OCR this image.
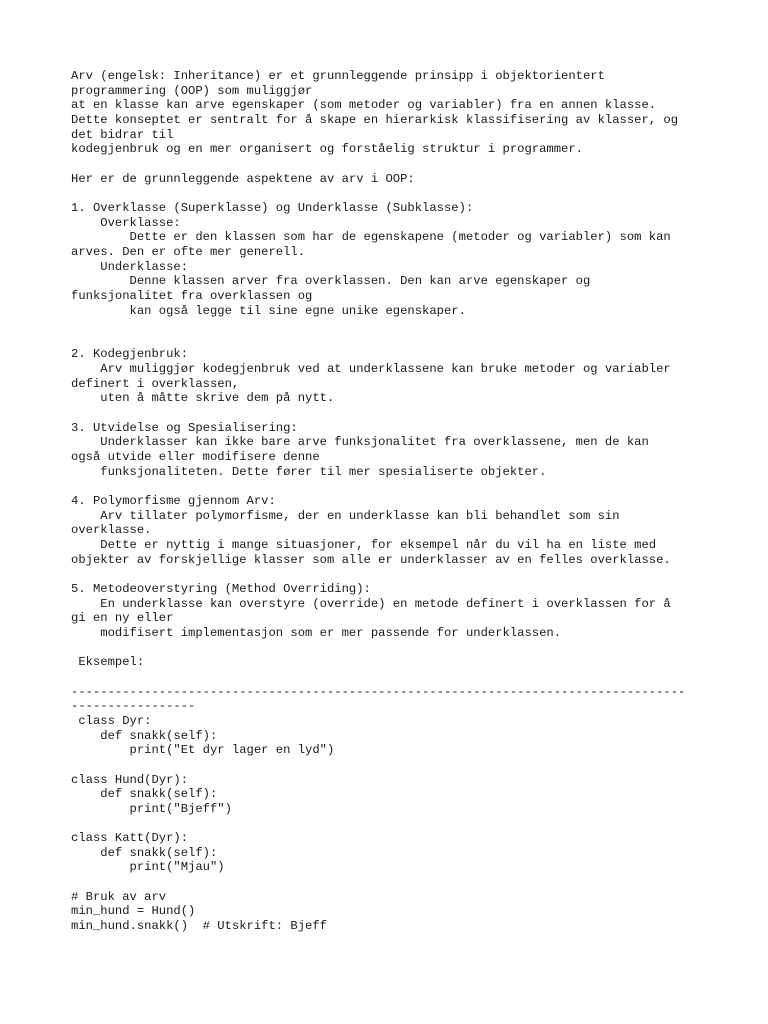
Arv (engelsk: Inheritance) er et grunnleggende prinsipp i objektorientert
programmering (OOP) som muliggjør
at en klasse kan arve egenskaper (som metoder og variabler) fra en annen klasse.
Dette konseptet er sentralt for å skape en hierarkisk klassifisering av klasser, og
det bidrar til
kodegjenbruk og en mer organisert og forståelig struktur i programmer.

Her er de grunnleggende aspektene av arv i OOP:

1. Overklasse (Superklasse) og Underklasse (Subklasse):
Overklasse:
Dette er den klassen som har de egenskapene (metoder og variabler) som kan
arves. Den er ofte mer generell.
Underklasse:
Denne klassen arver fra overklassen. Den kan arve egenskaper og
funksjonalitet fra overklassen og
kan også legge til sine egne unike egenskaper.

2. Kodegjenbruk:
Arv muliggjør kodegjenbruk ved at underklassene kan bruke metoder og variabler
definert i overklassen,
uten å måtte skrive dem på nytt.

3. Utvidelse og Spesialisering:
Underklasser kan ikke bare arve funksjonalitet fra overklassene, men de kan
også utvide eller modifisere denne
funksjonaliteten. Dette fører til mer spesialiserte objekter.

4. Polymorfisme gjennom Arv:
Arv tillater polymorfisme, der en underklasse kan bli behandlet som sin
overklasse.
Dette er nyttig i mange situasjoner, for eksempel når du vil ha en liste med
objekter av forskjellige klasser som alle er underklasser av en felles overklasse.

5. Metodeoverstyring (Method Overriding):
En underklasse kan overstyre (override) en metode definert i overklassen for å
gi en ny eller
modifisert implementasjon som er mer passende for underklassen.

Eksempel:

------------------------------------------------------------------------------------
-----------------
class Dyr:
def snakk(self):
print("Et dyr lager en lyd")

class Hund(Dyr):
def snakk(self):
print("Bjeff")

class Katt(Dyr):
def snakk(self):
print("Mjau")

# Bruk av arv
min_hund = Hund()
min_hund.snakk()  # Utskrift: Bjeff
